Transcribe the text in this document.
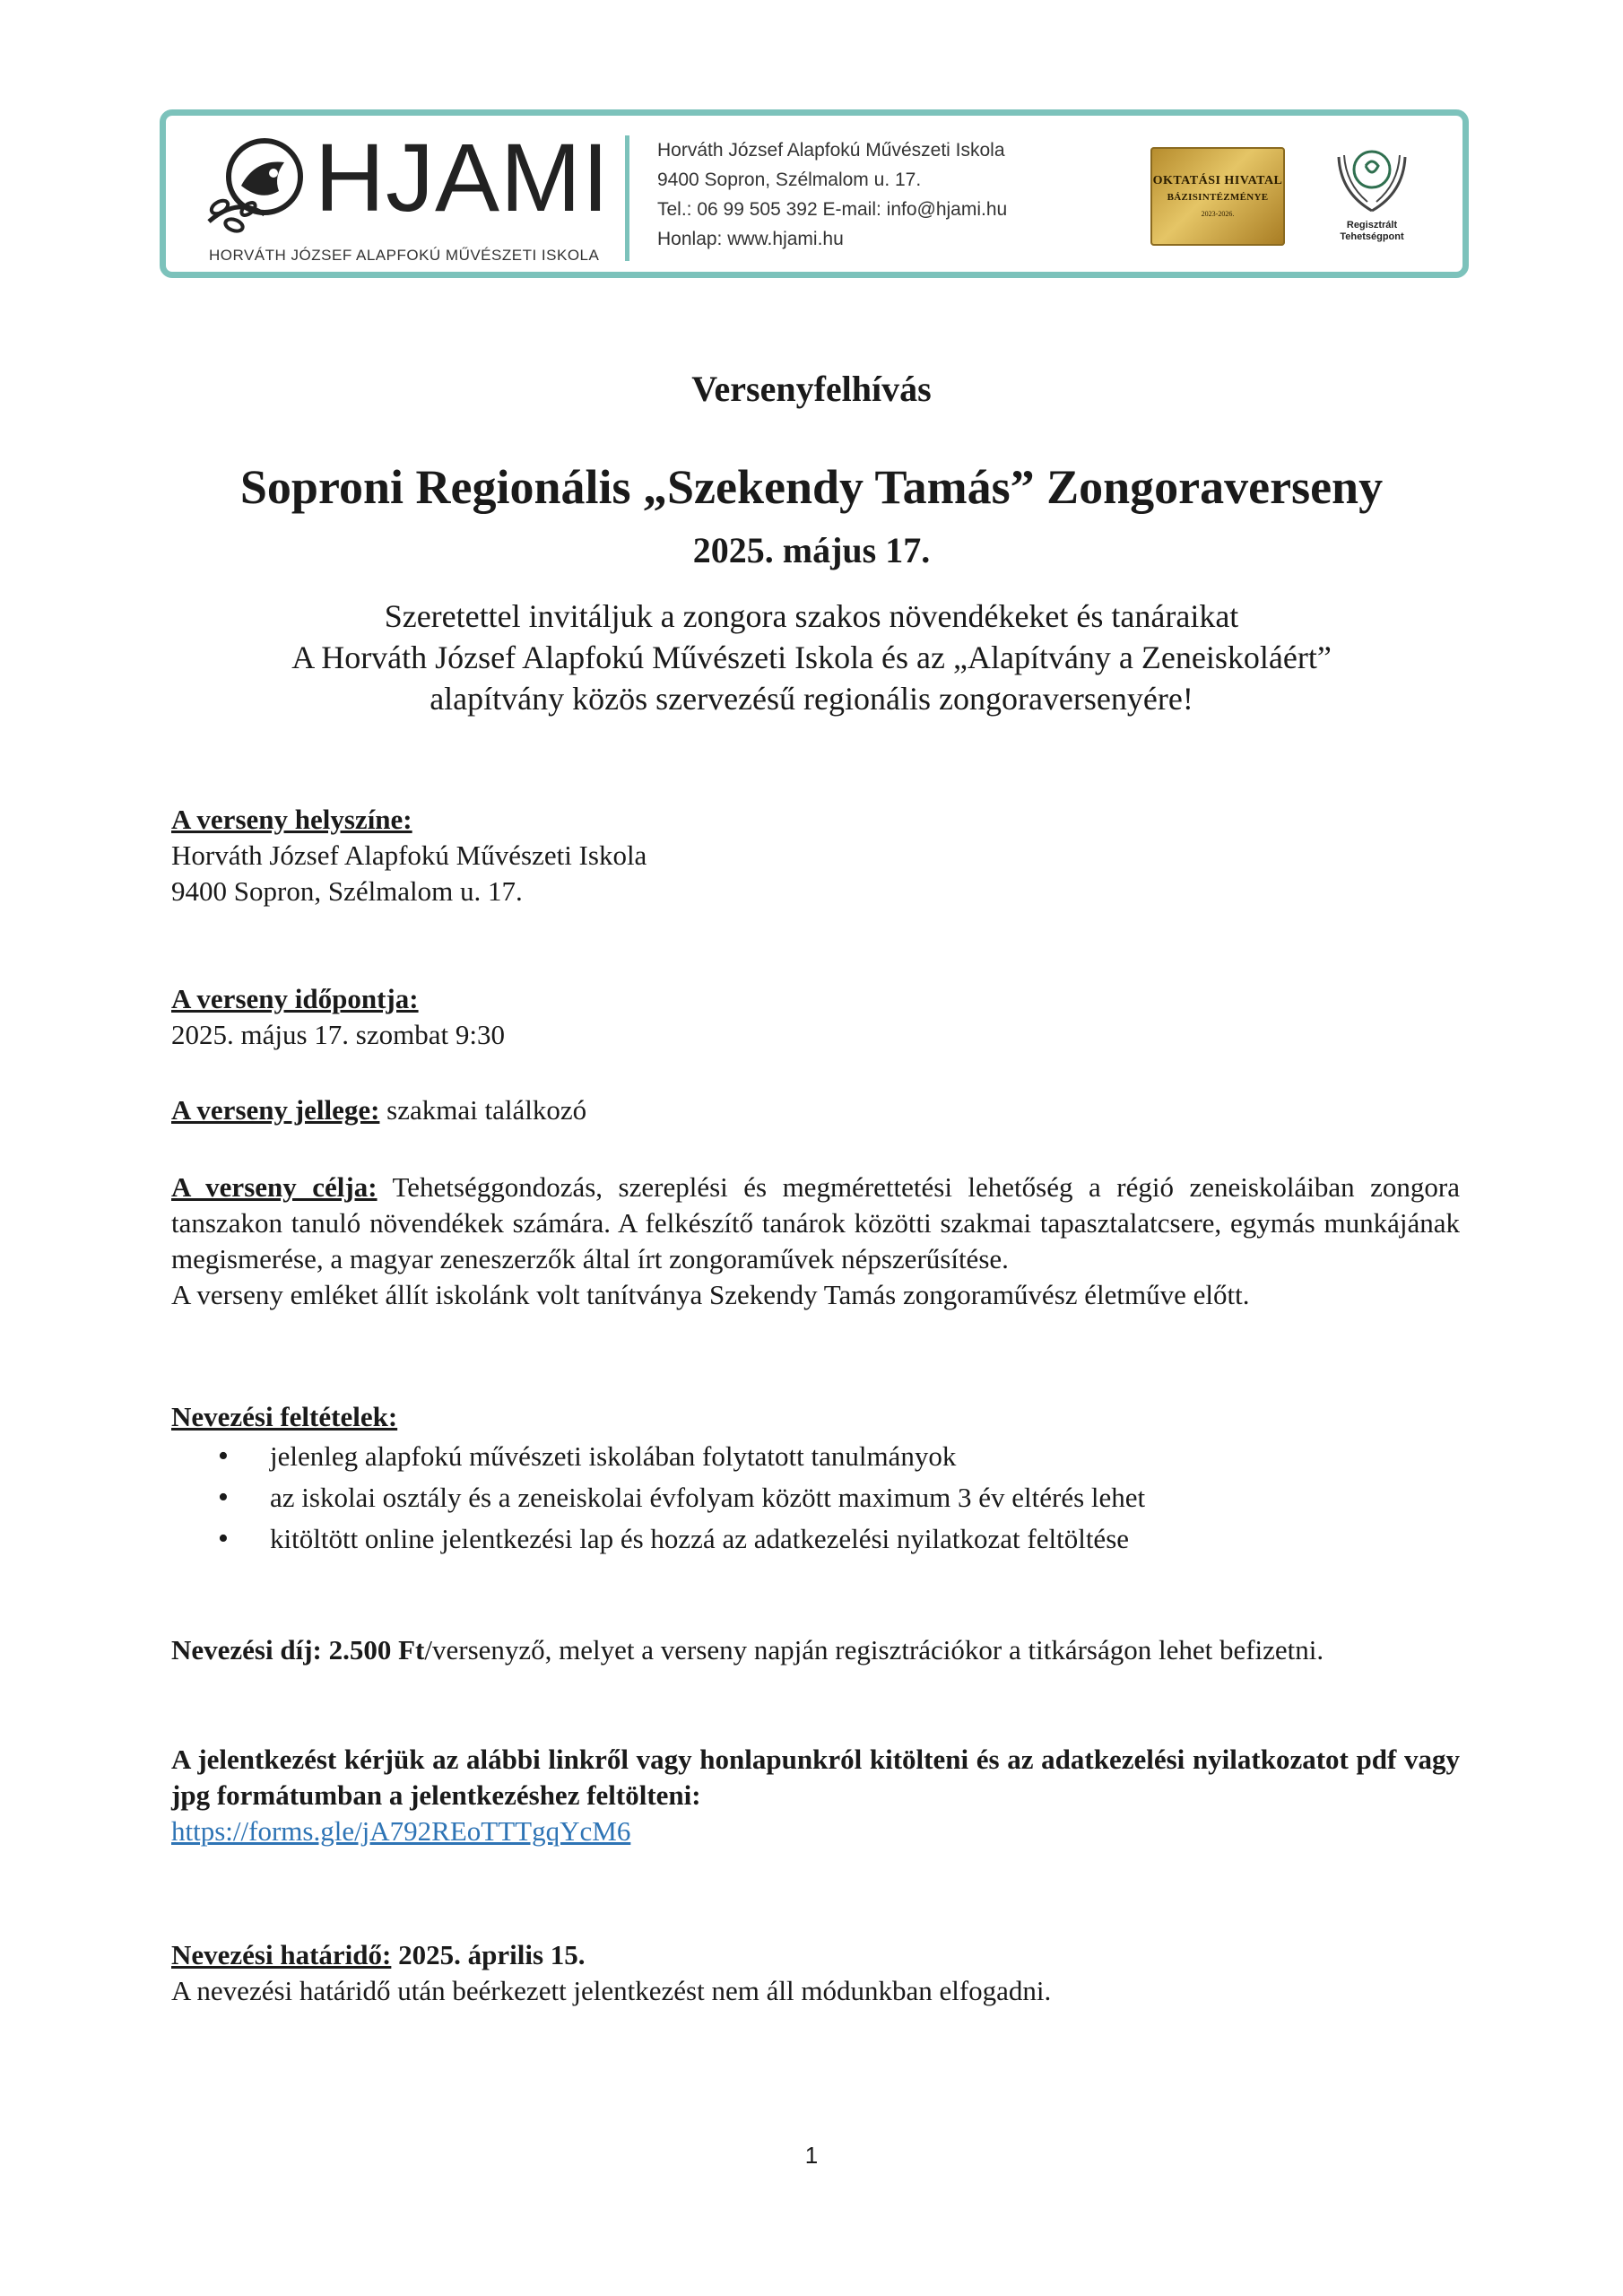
HJAMI
HORVÁTH JÓZSEF ALAPFOKÚ MŰVÉSZETI ISKOLA
Horváth József Alapfokú Művészeti Iskola
9400 Sopron, Szélmalom u. 17.
Tel.: 06 99 505 392 E-mail: info@hjami.hu
Honlap: www.hjami.hu
OKTATÁSI HIVATAL
BÁZISINTÉZMÉNYE
2023-2026.
Regisztrált
Tehetségpont
Versenyfelhívás
Soproni Regionális „Szekendy Tamás” Zongoraverseny
2025. május 17.
Szeretettel invitáljuk a zongora szakos növendékeket és tanáraikat
A Horváth József Alapfokú Művészeti Iskola és az „Alapítvány a Zeneiskoláért”
alapítvány közös szervezésű regionális zongoraversenyére!
A verseny helyszíne:
Horváth József Alapfokú Művészeti Iskola
9400 Sopron, Szélmalom u. 17.
A verseny időpontja:
2025. május 17. szombat 9:30
A verseny jellege: szakmai találkozó
A verseny célja: Tehetséggondozás, szereplési és megmérettetési lehetőség a régió zeneiskoláiban zongora tanszakon tanuló növendékek számára. A felkészítő tanárok közötti szakmai tapasztalatcsere, egymás munkájának megismerése, a magyar zeneszerzők által írt zongoraművek népszerűsítése.
A verseny emléket állít iskolánk volt tanítványa Szekendy Tamás zongoraművész életműve előtt.
Nevezési feltételek:
• jelenleg alapfokú művészeti iskolában folytatott tanulmányok
• az iskolai osztály és a zeneiskolai évfolyam között maximum 3 év eltérés lehet
• kitöltött online jelentkezési lap és hozzá az adatkezelési nyilatkozat feltöltése
Nevezési díj: 2.500 Ft/versenyző, melyet a verseny napján regisztrációkor a titkárságon lehet befizetni.
A jelentkezést kérjük az alábbi linkről vagy honlapunkról kitölteni és az adatkezelési nyilatkozatot pdf vagy jpg formátumban a jelentkezéshez feltölteni:
https://forms.gle/jA792REoTTTgqYcM6
Nevezési határidő: 2025. április 15.
A nevezési határidő után beérkezett jelentkezést nem áll módunkban elfogadni.
1
